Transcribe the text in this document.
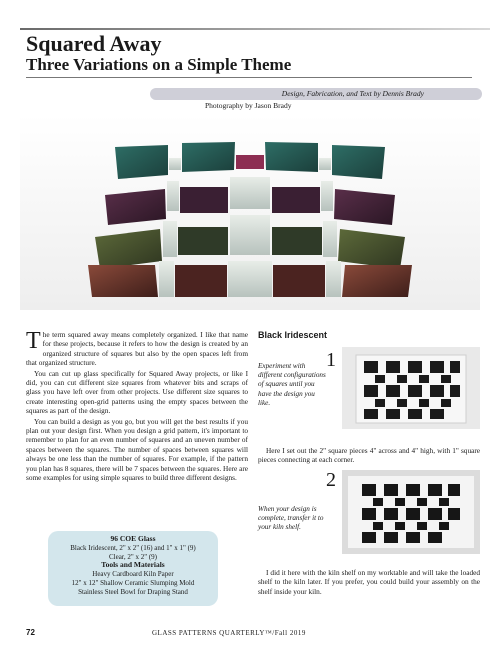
Squared Away
Three Variations on a Simple Theme
Design, Fabrication, and Text by Dennis Brady
Photography by Jason Brady

The term squared away means completely organized. I like that name for these projects, because it refers to how the design is created by an organized structure of squares but also by the open spaces left from that organized structure.

You can cut up glass specifically for Squared Away projects, or like I did, you can cut different size squares from whatever bits and scraps of glass you have left over from other projects. Use different size squares to create interesting open-grid patterns using the empty spaces between the squares as part of the design.

You can build a design as you go, but you will get the best results if you plan out your design first. When you design a grid pattern, it's important to remember to plan for an even number of squares and an uneven number of spaces between the squares. The number of spaces between squares will always be one less than the number of squares. For example, if the pattern you plan has 8 squares, there will be 7 spaces between the squares. Here are some examples for using simple squares to build three different designs.

96 COE Glass
Black Iridescent, 2" x 2" (16) and 1" x 1" (9)
Clear, 2" x 2" (9)
Tools and Materials
Heavy Cardboard Kiln Paper
12" x 12" Shallow Ceramic Slumping Mold
Stainless Steel Bowl for Draping Stand
Black Iridescent
Experiment with different configurations of squares until you have the design you like.
1
Here I set out the 2" square pieces 4" across and 4" high, with 1" square pieces connecting at each corner.
2
When your design is complete, transfer it to your kiln shelf.
I did it here with the kiln shelf on my worktable and will take the loaded shelf to the kiln later. If you prefer, you could build your assembly on the shelf inside your kiln.
72	GLASS PATTERNS QUARTERLY™/Fall 2019
